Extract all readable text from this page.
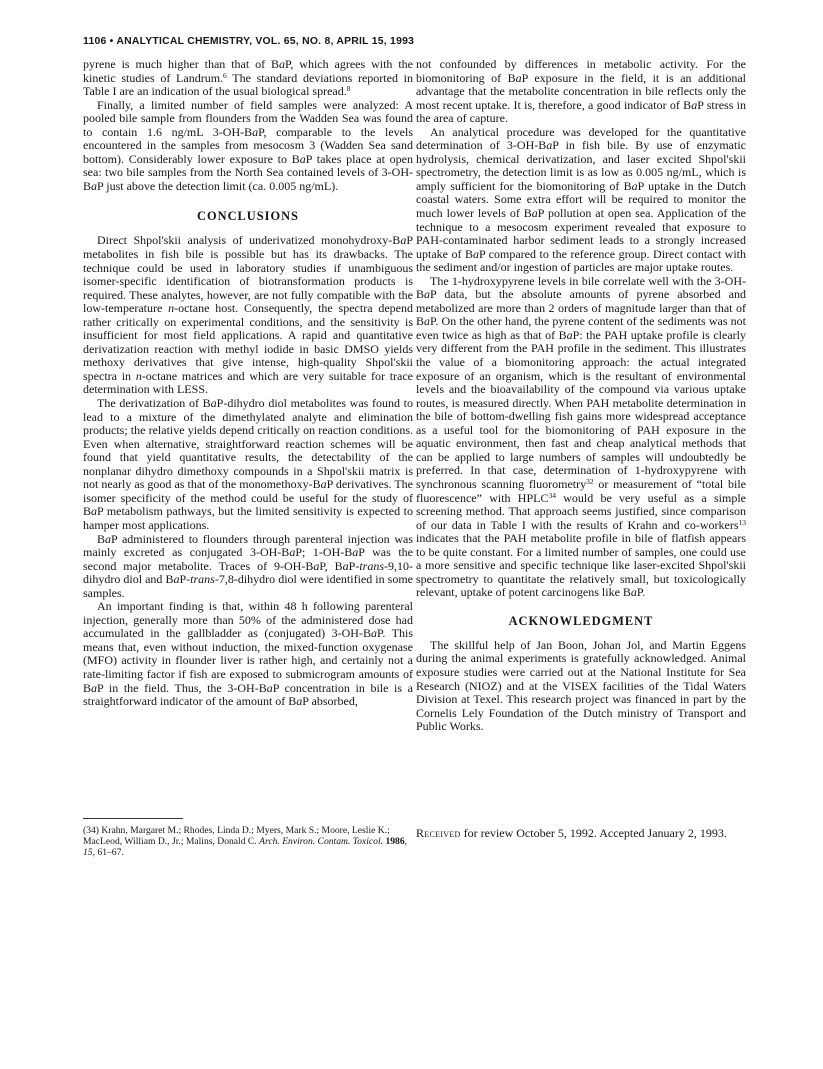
1106 • ANALYTICAL CHEMISTRY, VOL. 65, NO. 8, APRIL 15, 1993

pyrene is much higher than that of BaP, which agrees with the kinetic studies of Landrum.$^6$ The standard deviations reported in Table I are an indication of the usual biological spread.$^8$

Finally, a limited number of field samples were analyzed: A pooled bile sample from flounders from the Wadden Sea was found to contain 1.6 ng/mL 3-OH-BaP, comparable to the levels encountered in the samples from mesocosm 3 (Wadden Sea sand bottom). Considerably lower exposure to BaP takes place at open sea: two bile samples from the North Sea contained levels of 3-OH-BaP just above the detection limit (ca. 0.005 ng/mL).

CONCLUSIONS

Direct Shpol'skii analysis of underivatized monohydroxy-BaP metabolites in fish bile is possible but has its drawbacks. The technique could be used in laboratory studies if unambiguous isomer-specific identification of biotransformation products is required. These analytes, however, are not fully compatible with the low-temperature n-octane host. Consequently, the spectra depend rather critically on experimental conditions, and the sensitivity is insufficient for most field applications. A rapid and quantitative derivatization reaction with methyl iodide in basic DMSO yields methoxy derivatives that give intense, high-quality Shpol'skii spectra in n-octane matrices and which are very suitable for trace determination with LESS.

The derivatization of BaP-dihydro diol metabolites was found to lead to a mixture of the dimethylated analyte and elimination products; the relative yields depend critically on reaction conditions. Even when alternative, straightforward reaction schemes will be found that yield quantitative results, the detectability of the nonplanar dihydro dimethoxy compounds in a Shpol'skii matrix is not nearly as good as that of the monomethoxy-BaP derivatives. The isomer specificity of the method could be useful for the study of BaP metabolism pathways, but the limited sensitivity is expected to hamper most applications.

BaP administered to flounders through parenteral injection was mainly excreted as conjugated 3-OH-BaP; 1-OH-BaP was the second major metabolite. Traces of 9-OH-BaP, BaP-trans-9,10-dihydro diol and BaP-trans-7,8-dihydro diol were identified in some samples.

An important finding is that, within 48 h following parenteral injection, generally more than 50% of the administered dose had accumulated in the gallbladder as (conjugated) 3-OH-BaP. This means that, even without induction, the mixed-function oxygenase (MFO) activity in flounder liver is rather high, and certainly not a rate-limiting factor if fish are exposed to submicrogram amounts of BaP in the field. Thus, the 3-OH-BaP concentration in bile is a straightforward indicator of the amount of BaP absorbed,

(34) Krahn, Margaret M.; Rhodes, Linda D.; Myers, Mark S.; Moore, Leslie K.; MacLeod, William D., Jr.; Malins, Donald C. Arch. Environ. Contam. Toxicol. 1986, 15, 61–67.

not confounded by differences in metabolic activity. For the biomonitoring of BaP exposure in the field, it is an additional advantage that the metabolite concentration in bile reflects only the most recent uptake. It is, therefore, a good indicator of BaP stress in the area of capture.

An analytical procedure was developed for the quantitative determination of 3-OH-BaP in fish bile. By use of enzymatic hydrolysis, chemical derivatization, and laser excited Shpol'skii spectrometry, the detection limit is as low as 0.005 ng/mL, which is amply sufficient for the biomonitoring of BaP uptake in the Dutch coastal waters. Some extra effort will be required to monitor the much lower levels of BaP pollution at open sea. Application of the technique to a mesocosm experiment revealed that exposure to PAH-contaminated harbor sediment leads to a strongly increased uptake of BaP compared to the reference group. Direct contact with the sediment and/or ingestion of particles are major uptake routes.

The 1-hydroxypyrene levels in bile correlate well with the 3-OH-BaP data, but the absolute amounts of pyrene absorbed and metabolized are more than 2 orders of magnitude larger than that of BaP. On the other hand, the pyrene content of the sediments was not even twice as high as that of BaP: the PAH uptake profile is clearly very different from the PAH profile in the sediment. This illustrates the value of a biomonitoring approach: the actual integrated exposure of an organism, which is the resultant of environmental levels and the bioavailability of the compound via various uptake routes, is measured directly. When PAH metabolite determination in the bile of bottom-dwelling fish gains more widespread acceptance as a useful tool for the biomonitoring of PAH exposure in the aquatic environment, then fast and cheap analytical methods that can be applied to large numbers of samples will undoubtedly be preferred. In that case, determination of 1-hydroxypyrene with synchronous scanning fluorometry$^{32}$ or measurement of “total bile fluorescence” with HPLC$^{34}$ would be very useful as a simple screening method. That approach seems justified, since comparison of our data in Table I with the results of Krahn and co-workers$^{13}$ indicates that the PAH metabolite profile in bile of flatfish appears to be quite constant. For a limited number of samples, one could use a more sensitive and specific technique like laser-excited Shpol'skii spectrometry to quantitate the relatively small, but toxicologically relevant, uptake of potent carcinogens like BaP.

ACKNOWLEDGMENT

The skillful help of Jan Boon, Johan Jol, and Martin Eggens during the animal experiments is gratefully acknowledged. Animal exposure studies were carried out at the National Institute for Sea Research (NIOZ) and at the VISEX facilities of the Tidal Waters Division at Texel. This research project was financed in part by the Cornelis Lely Foundation of the Dutch ministry of Transport and Public Works.

Received for review October 5, 1992. Accepted January 2, 1993.
